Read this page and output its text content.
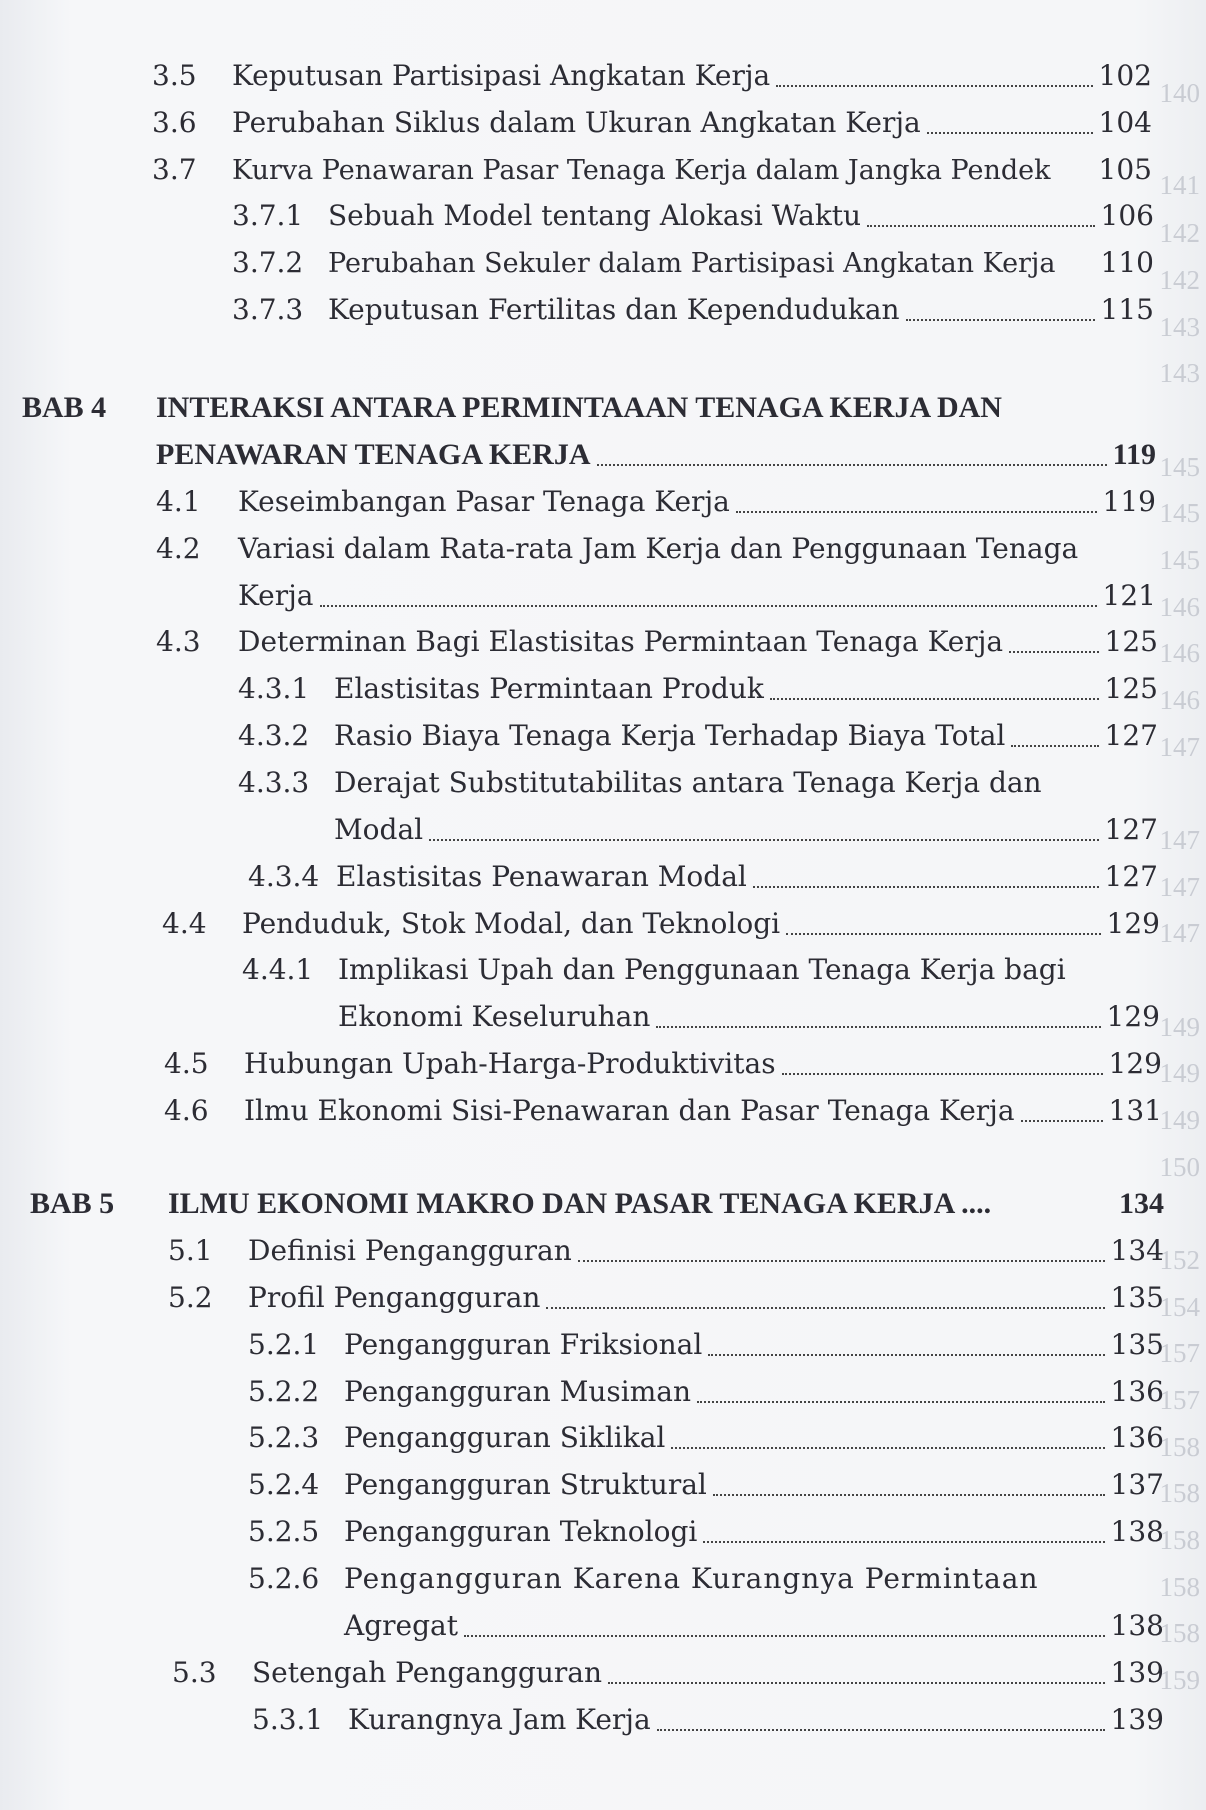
140
141
142
142
143
143
145
145
145
146
146
146
147
147
147
147
149
149
149
150
152
154
157
157
158
158
158
158
158
159
3.5	Keputusan Partisipasi Angkatan Kerja	102
3.6	Perubahan Siklus dalam Ukuran Angkatan Kerja	104
3.7	Kurva Penawaran Pasar Tenaga Kerja dalam Jangka Pendek 105
3.7.1 Sebuah Model tentang Alokasi Waktu	106
3.7.2 Perubahan Sekuler dalam Partisipasi Angkatan Kerja 110
3.7.3 Keputusan Fertilitas dan Kependudukan	115
BAB 4 INTERAKSI ANTARA PERMINTAAAN TENAGA KERJA DAN
PENAWARAN TENAGA KERJA	119
4.1	Keseimbangan Pasar Tenaga Kerja	119
4.2	Variasi dalam Rata-rata Jam Kerja dan Penggunaan Tenaga
Kerja	121
4.3	Determinan Bagi Elastisitas Permintaan Tenaga Kerja	125
4.3.1 Elastisitas Permintaan Produk	125
4.3.2 Rasio Biaya Tenaga Kerja Terhadap Biaya Total	127
4.3.3 Derajat Substitutabilitas antara Tenaga Kerja dan
Modal	127
4.3.4 Elastisitas Penawaran Modal	127
4.4	Penduduk, Stok Modal, dan Teknologi	129
4.4.1 Implikasi Upah dan Penggunaan Tenaga Kerja bagi
Ekonomi Keseluruhan	129
4.5	Hubungan Upah-Harga-Produktivitas	129
4.6	Ilmu Ekonomi Sisi-Penawaran dan Pasar Tenaga Kerja	131
BAB 5 ILMU EKONOMI MAKRO DAN PASAR TENAGA KERJA ....	134
5.1	Definisi Pengangguran	134
5.2	Profil Pengangguran	135
5.2.1 Pengangguran Friksional	135
5.2.2 Pengangguran Musiman	136
5.2.3 Pengangguran Siklikal	136
5.2.4 Pengangguran Struktural	137
5.2.5 Pengangguran Teknologi	138
5.2.6 Pengangguran Karena Kurangnya Permintaan
Agregat	138
5.3	Setengah Pengangguran	139
5.3.1 Kurangnya Jam Kerja	139
